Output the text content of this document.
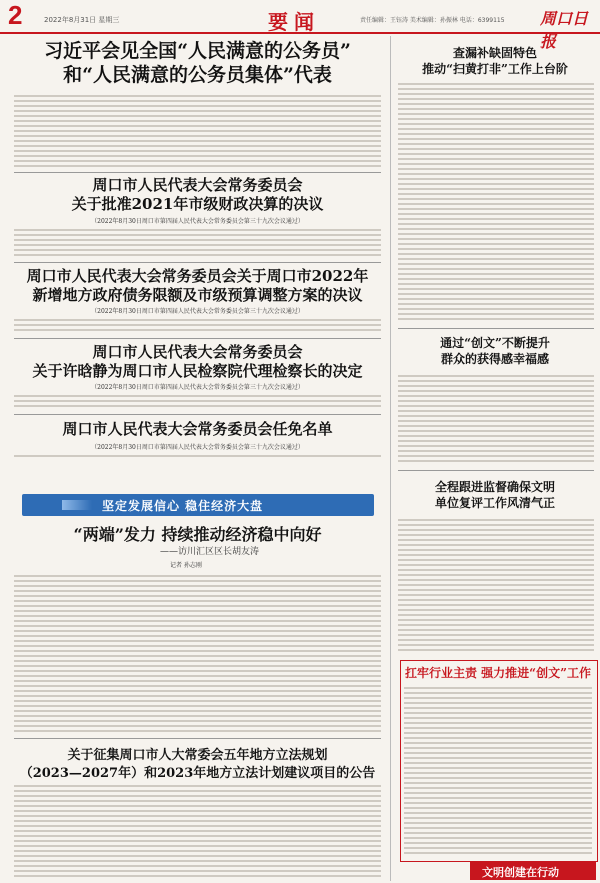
2	2022年8月31日 星期三	要闻	责任编辑：王钰涛 美术编辑：孙振林 电话：6399115 周口日报
习近平会见全国“人民满意的公务员”
和“人民满意的公务员集体”代表
周口市人民代表大会常务委员会
关于批准2021年市级财政决算的决议
（2022年8月30日周口市第四届人民代表大会常务委员会第三十九次会议通过）
周口市人民代表大会常务委员会关于周口市2022年
新增地方政府债务限额及市级预算调整方案的决议
（2022年8月30日周口市第四届人民代表大会常务委员会第三十九次会议通过）
周口市人民代表大会常务委员会
关于许晗静为周口市人民检察院代理检察长的决定
（2022年8月30日周口市第四届人民代表大会常务委员会第三十九次会议通过）
周口市人民代表大会常务委员会任免名单
（2022年8月30日周口市第四届人民代表大会常务委员会第三十九次会议通过）
坚定发展信心 稳住经济大盘
“两端”发力 持续推动经济稳中向好
——访川汇区区长胡友涛
记者 孙志刚
关于征集周口市人大常委会五年地方立法规划
（2023—2027年）和2023年地方立法计划建议项目的公告
查漏补缺固特色
推动“扫黄打非”工作上台阶
通过“创文”不断提升
群众的获得感幸福感
全程跟进监督确保文明
单位复评工作风清气正
扛牢行业主责 强力推进“创文”工作
文明创建在行动
